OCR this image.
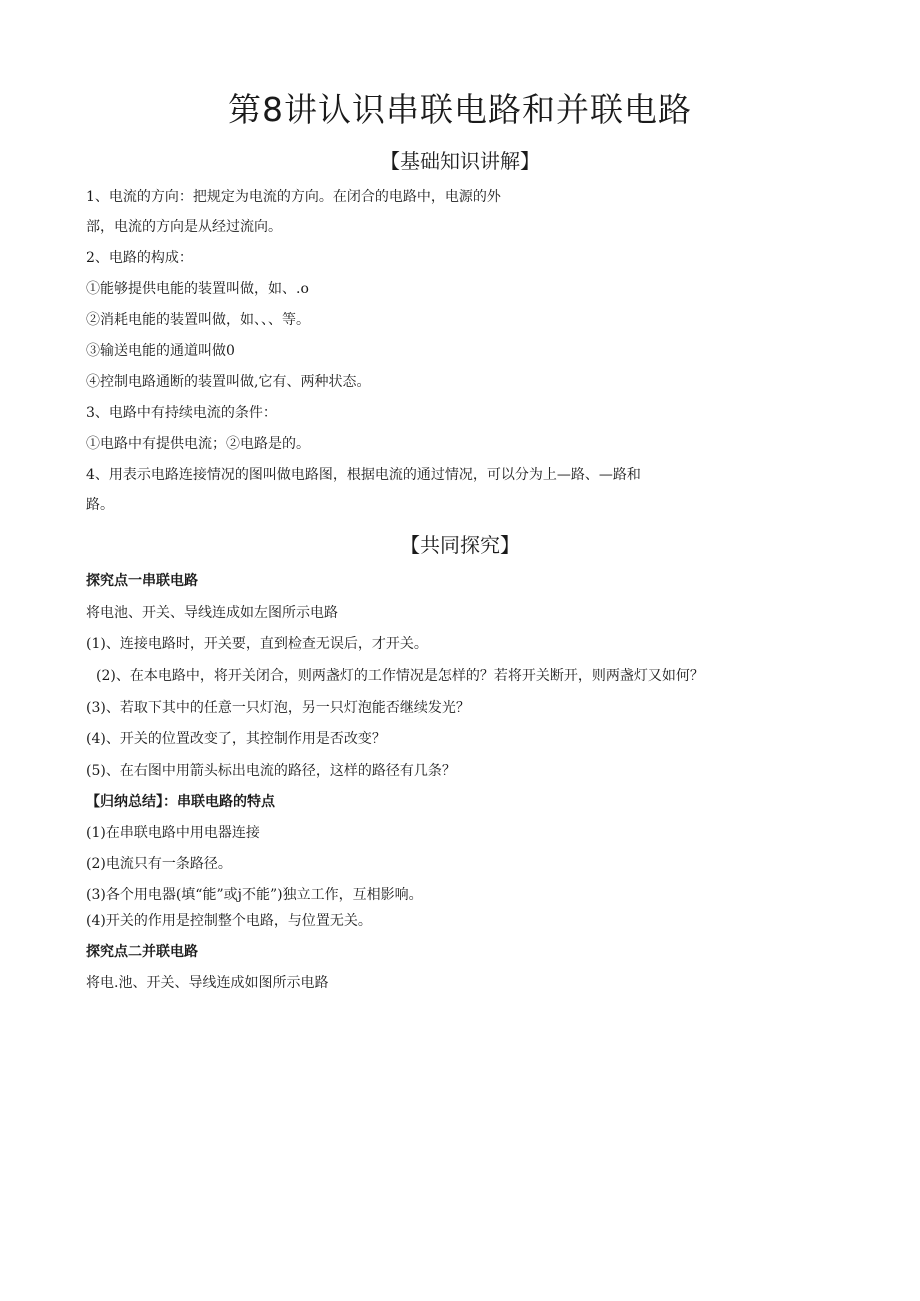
第8讲认识串联电路和并联电路
【基础知识讲解】
1、电流的方向：把规定为电流的方向。在闭合的电路中，电源的外
部，电流的方向是从经过流向。
2、电路的构成：
①能够提供电能的装置叫做，如、.o
②消耗电能的装置叫做，如、、、等。
③输送电能的通道叫做0
④控制电路通断的装置叫做,它有、两种状态。
3、电路中有持续电流的条件：
①电路中有提供电流；②电路是的。
4、用表示电路连接情况的图叫做电路图，根据电流的通过情况，可以分为上—路、—路和
路。
【共同探究】
探究点一串联电路
将电池、开关、导线连成如左图所示电路
(1)、连接电路时，开关要，直到检查无误后，才开关。
(2)、在本电路中，将开关闭合，则两盏灯的工作情况是怎样的？若将开关断开，则两盏灯又如何？
(3)、若取下其中的任意一只灯泡，另一只灯泡能否继续发光？
(4)、开关的位置改变了，其控制作用是否改变？
(5)、在右图中用箭头标出电流的路径，这样的路径有几条？
【归纳总结】：串联电路的特点
(1)在串联电路中用电器连接
(2)电流只有一条路径。
(3)各个用电器(填“能”或j不能”)独立工作，互相影响。
(4)开关的作用是控制整个电路，与位置无关。
探究点二并联电路
将电.池、开关、导线连成如图所示电路
